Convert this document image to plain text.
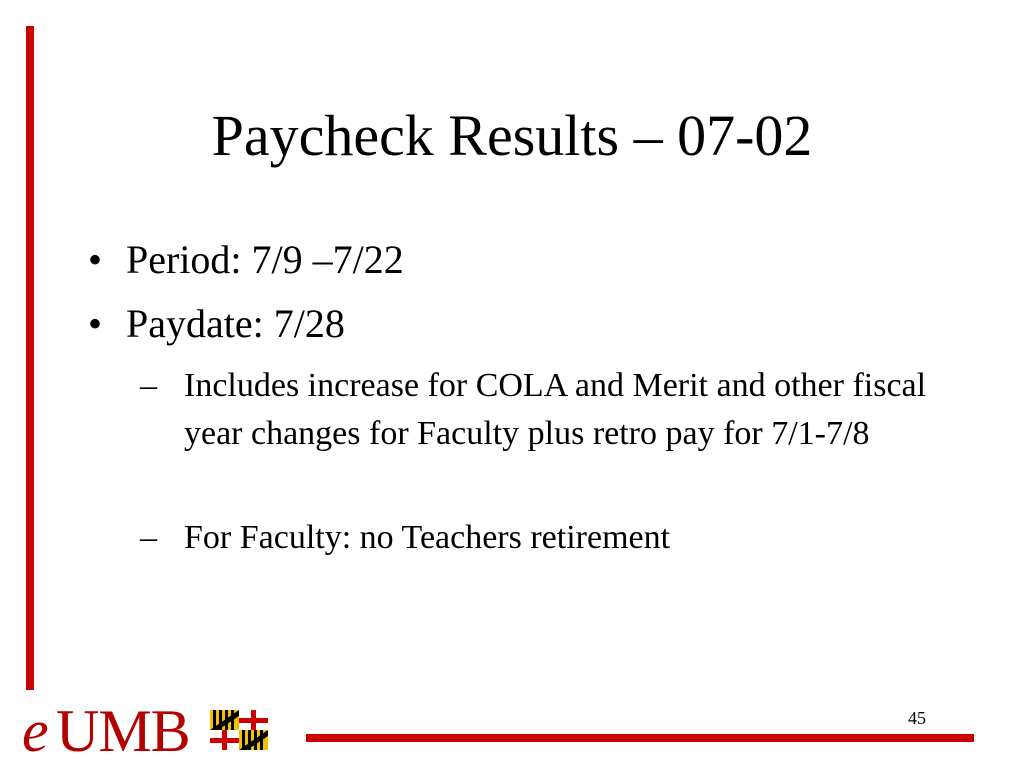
Paycheck Results – 07-02
• Period: 7/9 –7/22
• Paydate: 7/28
– Includes increase for COLA and Merit and other fiscal year changes for Faculty plus retro pay for 7/1-7/8
– For Faculty: no Teachers retirement
e UMB	45
